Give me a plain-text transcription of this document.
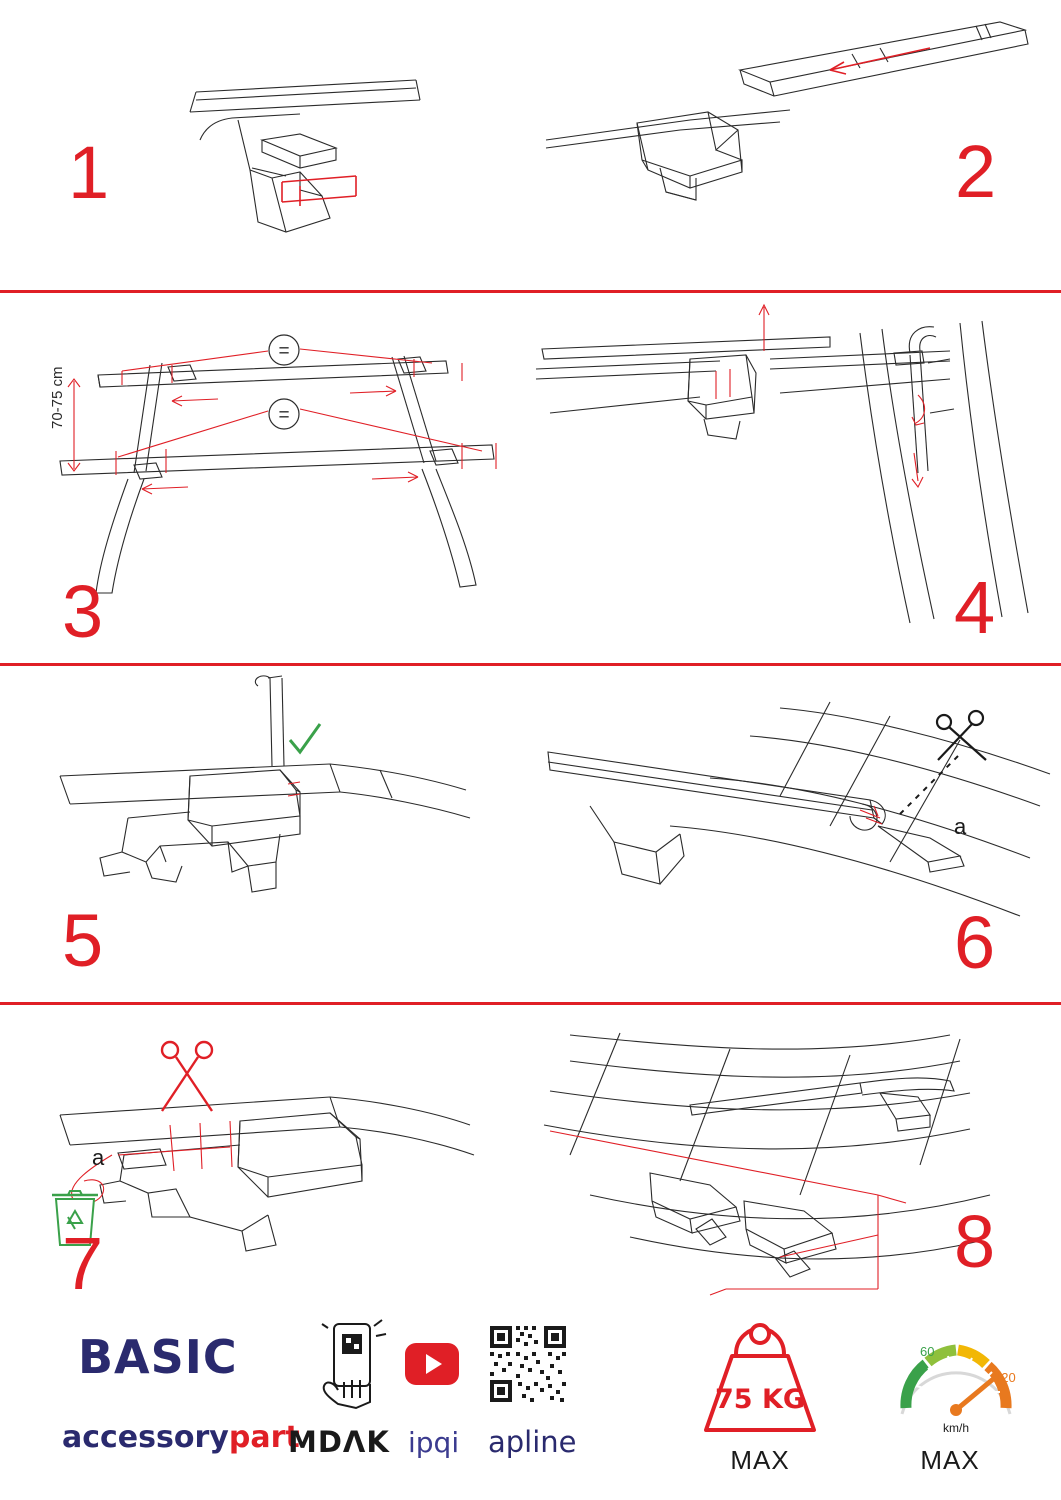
1	2
=
=
70-75 cm
3	4
5
a
6
a
7	8
BASIC
accessorypart
MDΛK ipqi apline
75 KG
MAX
60
120
km/h
MAX
